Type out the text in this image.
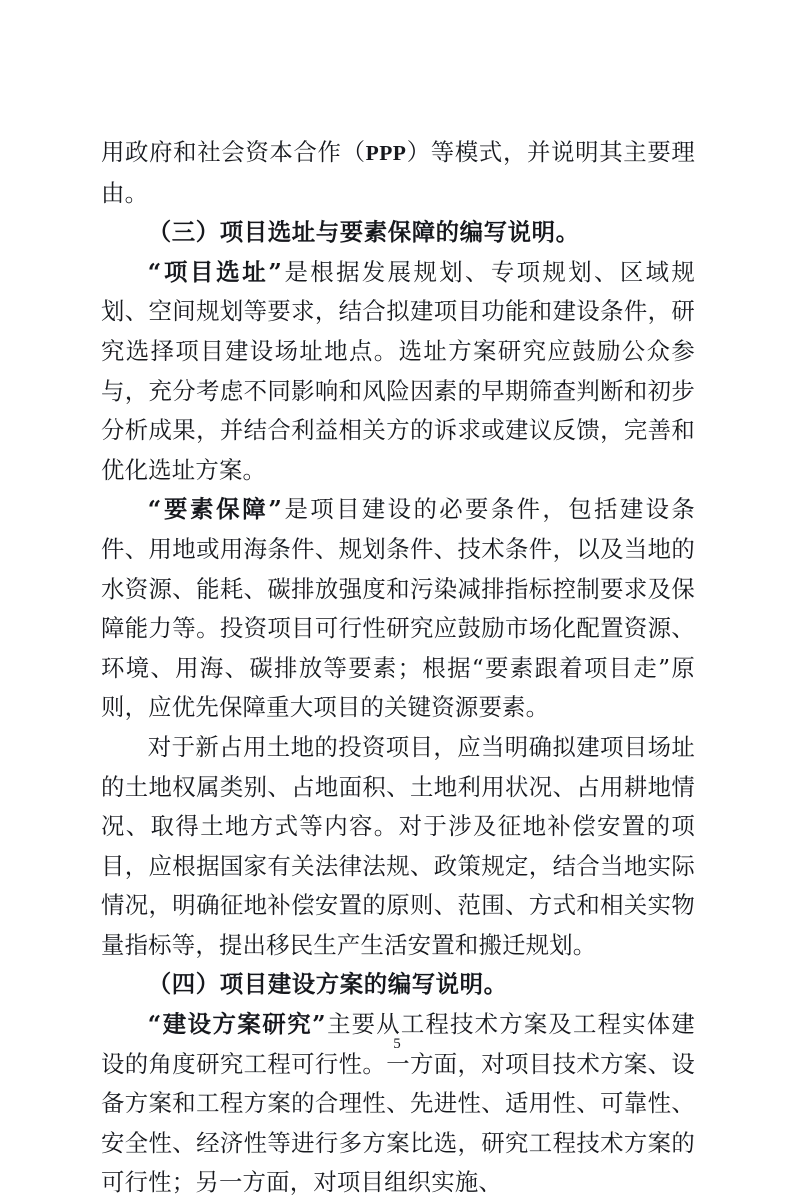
用政府和社会资本合作（PPP）等模式，并说明其主要理由。

（三）项目选址与要素保障的编写说明。

“项目选址”是根据发展规划、专项规划、区域规划、空间规划等要求，结合拟建项目功能和建设条件，研究选择项目建设场址地点。选址方案研究应鼓励公众参与，充分考虑不同影响和风险因素的早期筛查判断和初步分析成果，并结合利益相关方的诉求或建议反馈，完善和优化选址方案。

“要素保障”是项目建设的必要条件，包括建设条件、用地或用海条件、规划条件、技术条件，以及当地的水资源、能耗、碳排放强度和污染减排指标控制要求及保障能力等。投资项目可行性研究应鼓励市场化配置资源、环境、用海、碳排放等要素；根据“要素跟着项目走”原则，应优先保障重大项目的关键资源要素。

对于新占用土地的投资项目，应当明确拟建项目场址的土地权属类别、占地面积、土地利用状况、占用耕地情况、取得土地方式等内容。对于涉及征地补偿安置的项目，应根据国家有关法律法规、政策规定，结合当地实际情况，明确征地补偿安置的原则、范围、方式和相关实物量指标等，提出移民生产生活安置和搬迁规划。

（四）项目建设方案的编写说明。

“建设方案研究”主要从工程技术方案及工程实体建设的角度研究工程可行性。一方面，对项目技术方案、设备方案和工程方案的合理性、先进性、适用性、可靠性、安全性、经济性等进行多方案比选，研究工程技术方案的可行性；另一方面，对项目组织实施、

5
